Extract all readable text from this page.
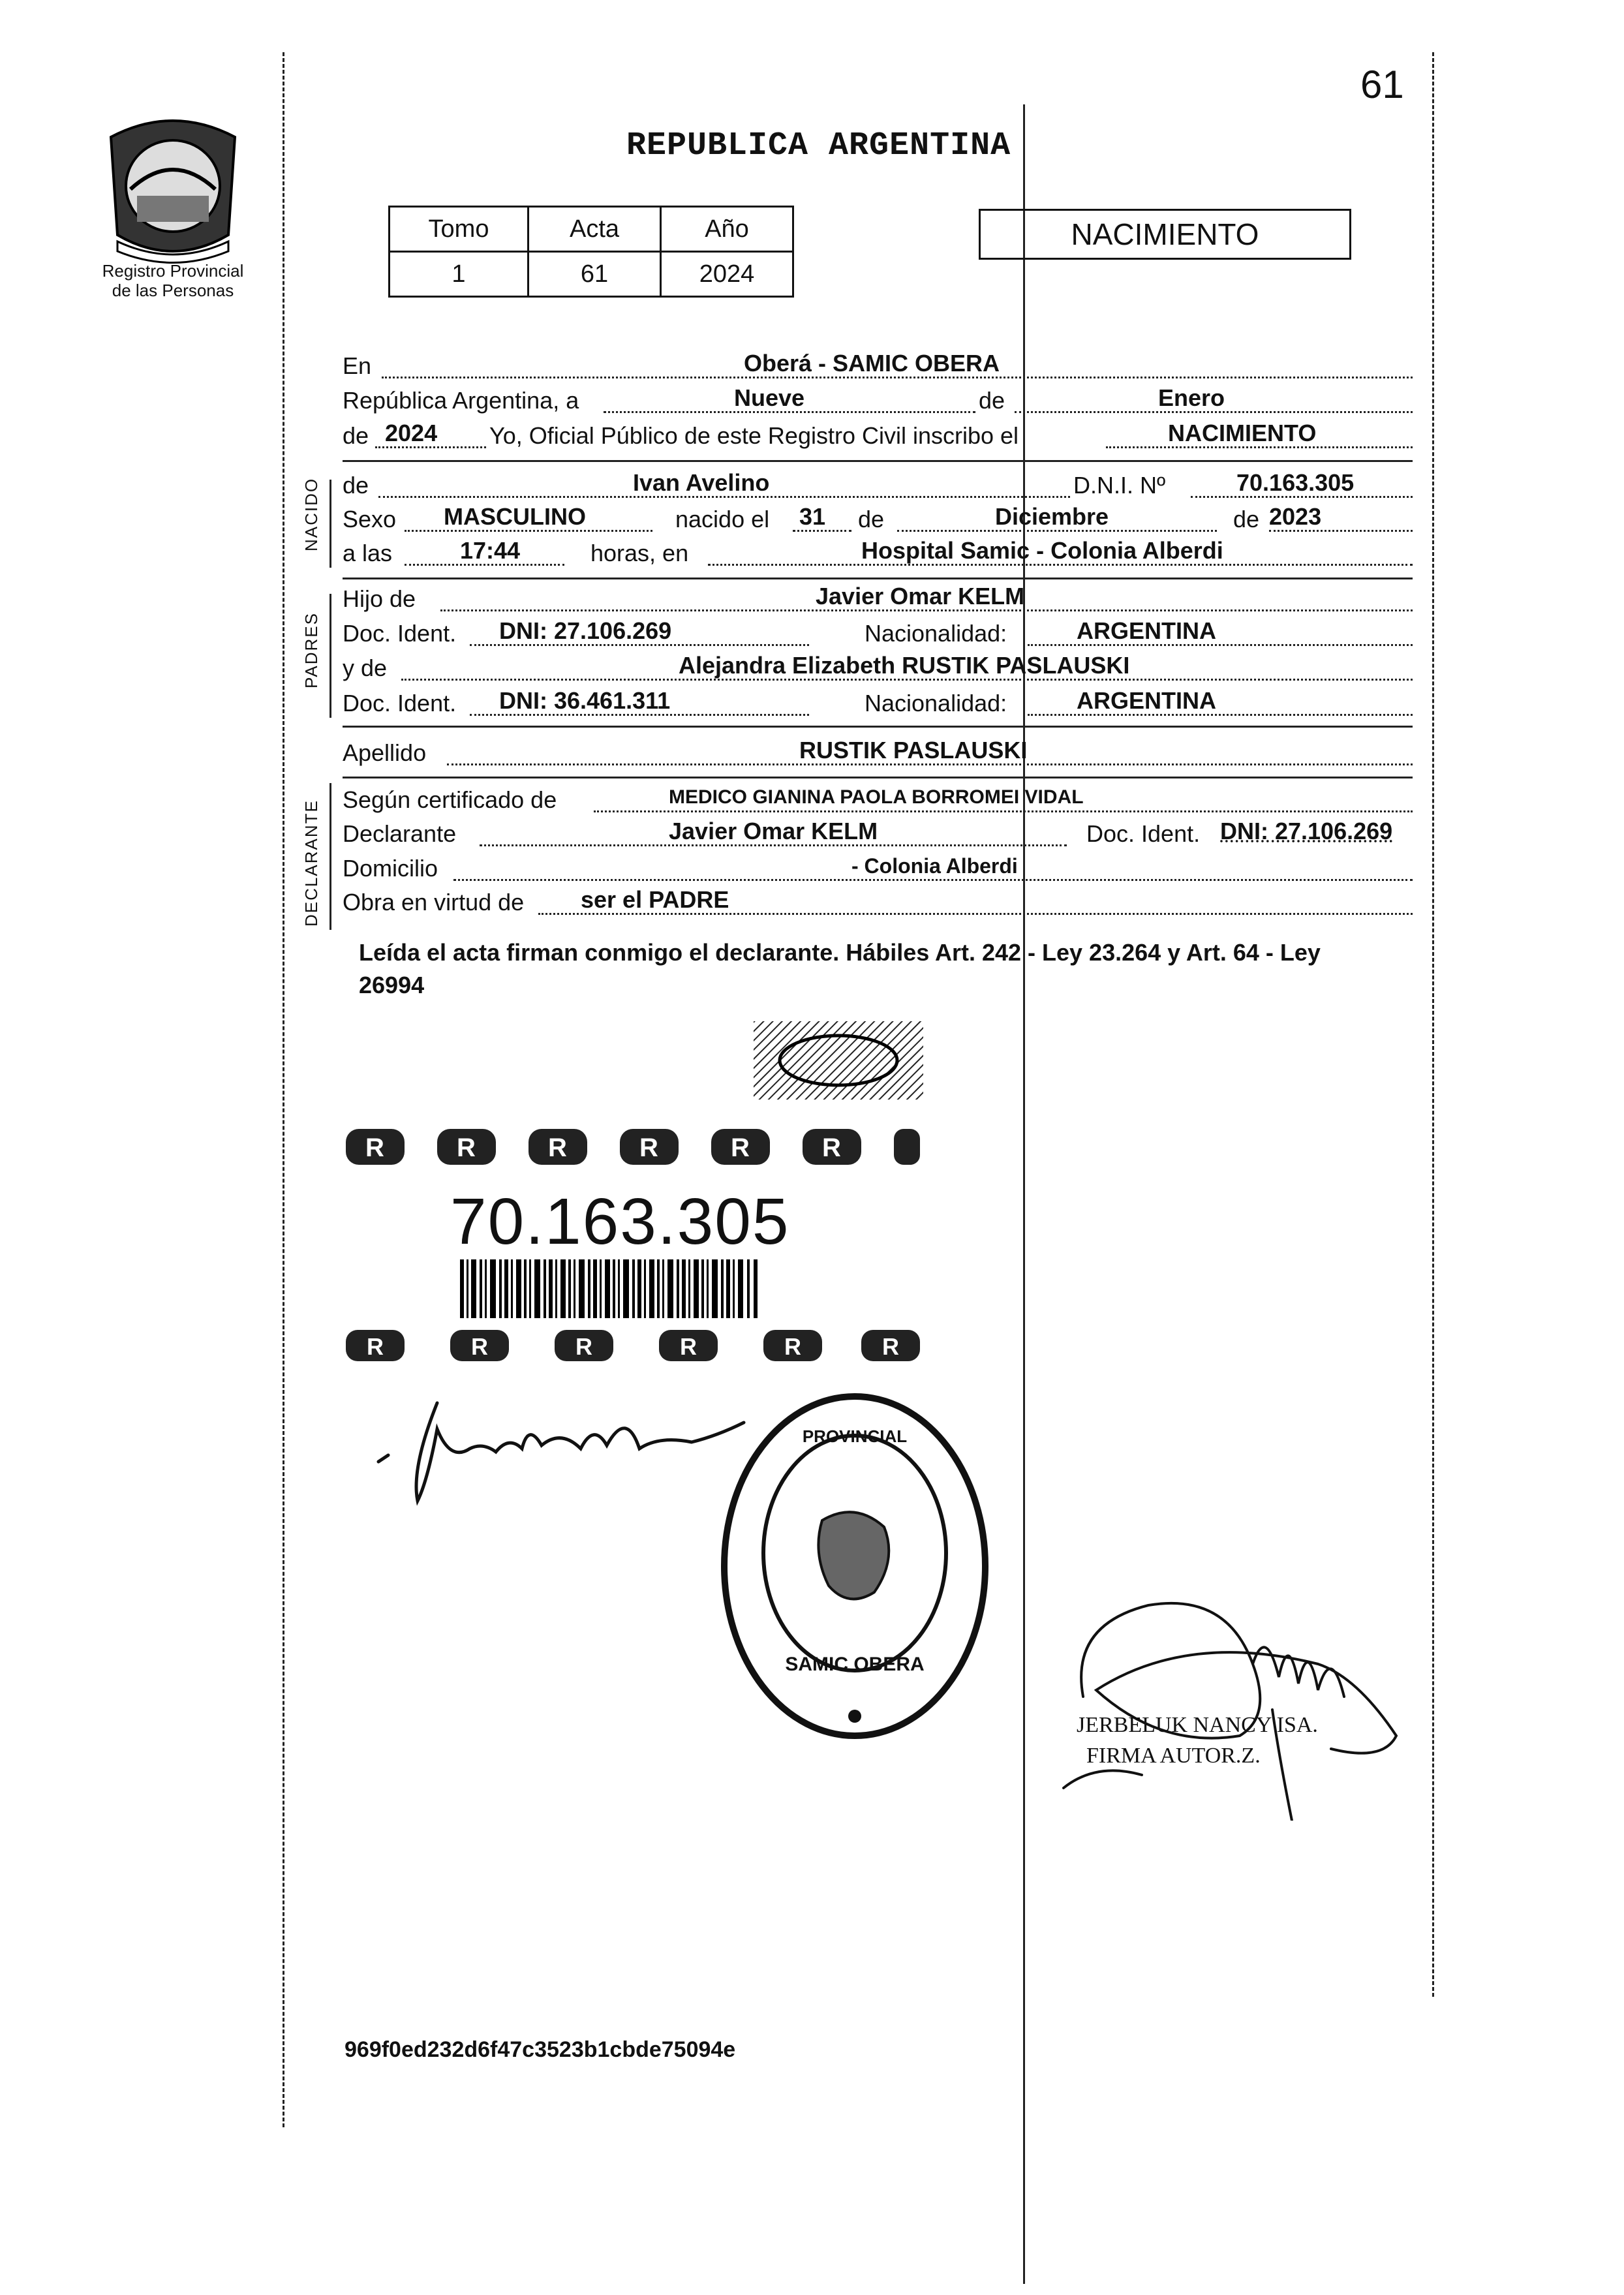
61
Registro Provincial
de las Personas
REPUBLICA ARGENTINA
Tomo	Acta	Año
1	61	2024
NACIMIENTO
NACIDO
PADRES
DECLARANTE
En	Oberá - SAMIC OBERA
República Argentina, a	Nueve	de	Enero
de 2024 Yo, Oficial Público de este Registro Civil inscribo el	NACIMIENTO
de	Ivan Avelino	D.N.I. Nº	70.163.305
Sexo MASCULINO	nacido el 31 de	Diciembre	de 2023
a las	17:44	horas, en	Hospital Samic - Colonia Alberdi
Hijo de	Javier Omar KELM
Doc. Ident. DNI: 27.106.269	Nacionalidad:	ARGENTINA
y de	Alejandra Elizabeth RUSTIK PASLAUSKI
Doc. Ident. DNI: 36.461.311	Nacionalidad:	ARGENTINA
Apellido	RUSTIK PASLAUSKI
Según certificado de	MEDICO GIANINA PAOLA BORROMEI VIDAL
Declarante	Javier Omar KELM	Doc. Ident. DNI: 27.106.269
Domicilio	- Colonia Alberdi
Obra en virtud de ser el PADRE
Leída el acta firman conmigo el declarante. Hábiles Art. 242 - Ley 23.264 y Art. 64 - Ley 26994
R	R	R	R	R	R
70.163.305
R	R	R	R	R	R
PROVINCIAL
SAMIC OBERA
JERBELUK NANCY ISA.
FIRMA AUTOR.Z.
969f0ed232d6f47c3523b1cbde75094e
